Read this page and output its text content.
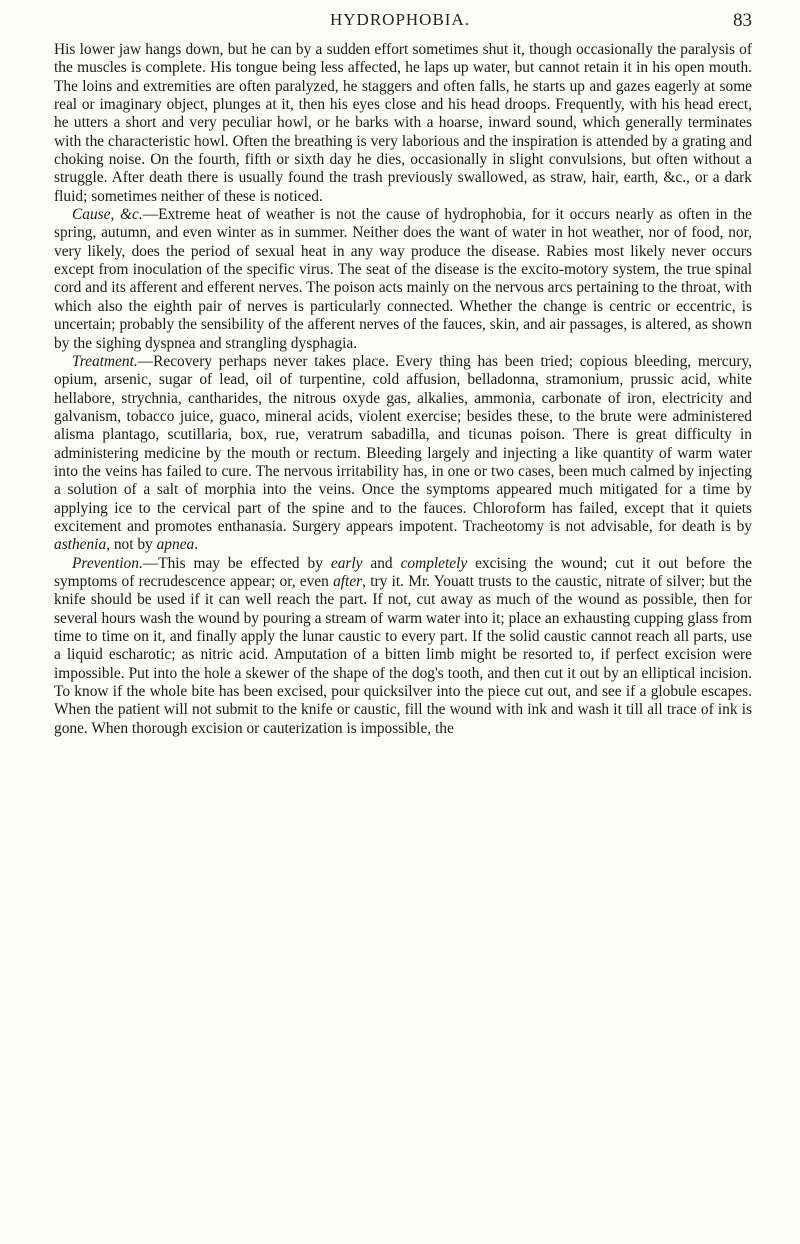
HYDROPHOBIA.	83

His lower jaw hangs down, but he can by a sudden effort sometimes shut it, though occasionally the paralysis of the muscles is complete. His tongue being less affected, he laps up water, but cannot retain it in his open mouth. The loins and extremities are often paralyzed, he staggers and often falls, he starts up and gazes eagerly at some real or imaginary object, plunges at it, then his eyes close and his head droops. Frequently, with his head erect, he utters a short and very peculiar howl, or he barks with a hoarse, inward sound, which generally terminates with the characteristic howl. Often the breathing is very laborious and the inspiration is attended by a grating and choking noise. On the fourth, fifth or sixth day he dies, occasionally in slight convulsions, but often without a struggle. After death there is usually found the trash previously swallowed, as straw, hair, earth, &c., or a dark fluid; sometimes neither of these is noticed.

Cause, &c.—Extreme heat of weather is not the cause of hydrophobia, for it occurs nearly as often in the spring, autumn, and even winter as in summer. Neither does the want of water in hot weather, nor of food, nor, very likely, does the period of sexual heat in any way produce the disease. Rabies most likely never occurs except from inoculation of the specific virus. The seat of the disease is the excito-motory system, the true spinal cord and its afferent and efferent nerves. The poison acts mainly on the nervous arcs pertaining to the throat, with which also the eighth pair of nerves is particularly connected. Whether the change is centric or eccentric, is uncertain; probably the sensibility of the afferent nerves of the fauces, skin, and air passages, is altered, as shown by the sighing dyspnea and strangling dysphagia.

Treatment.—Recovery perhaps never takes place. Every thing has been tried; copious bleeding, mercury, opium, arsenic, sugar of lead, oil of turpentine, cold affusion, belladonna, stramonium, prussic acid, white hellabore, strychnia, cantharides, the nitrous oxyde gas, alkalies, ammonia, carbonate of iron, electricity and galvanism, tobacco juice, guaco, mineral acids, violent exercise; besides these, to the brute were administered alisma plantago, scutillaria, box, rue, veratrum sabadilla, and ticunas poison. There is great difficulty in administering medicine by the mouth or rectum. Bleeding largely and injecting a like quantity of warm water into the veins has failed to cure. The nervous irritability has, in one or two cases, been much calmed by injecting a solution of a salt of morphia into the veins. Once the symptoms appeared much mitigated for a time by applying ice to the cervical part of the spine and to the fauces. Chloroform has failed, except that it quiets excitement and promotes enthanasia. Surgery appears impotent. Tracheotomy is not advisable, for death is by asthenia, not by apnea.

Prevention.—This may be effected by early and completely excising the wound; cut it out before the symptoms of recrudescence appear; or, even after, try it. Mr. Youatt trusts to the caustic, nitrate of silver; but the knife should be used if it can well reach the part. If not, cut away as much of the wound as possible, then for several hours wash the wound by pouring a stream of warm water into it; place an exhausting cupping glass from time to time on it, and finally apply the lunar caustic to every part. If the solid caustic cannot reach all parts, use a liquid escharotic; as nitric acid. Amputation of a bitten limb might be resorted to, if perfect excision were impossible. Put into the hole a skewer of the shape of the dog's tooth, and then cut it out by an elliptical incision. To know if the whole bite has been excised, pour quicksilver into the piece cut out, and see if a globule escapes. When the patient will not submit to the knife or caustic, fill the wound with ink and wash it till all trace of ink is gone. When thorough excision or cauterization is impossible, the
